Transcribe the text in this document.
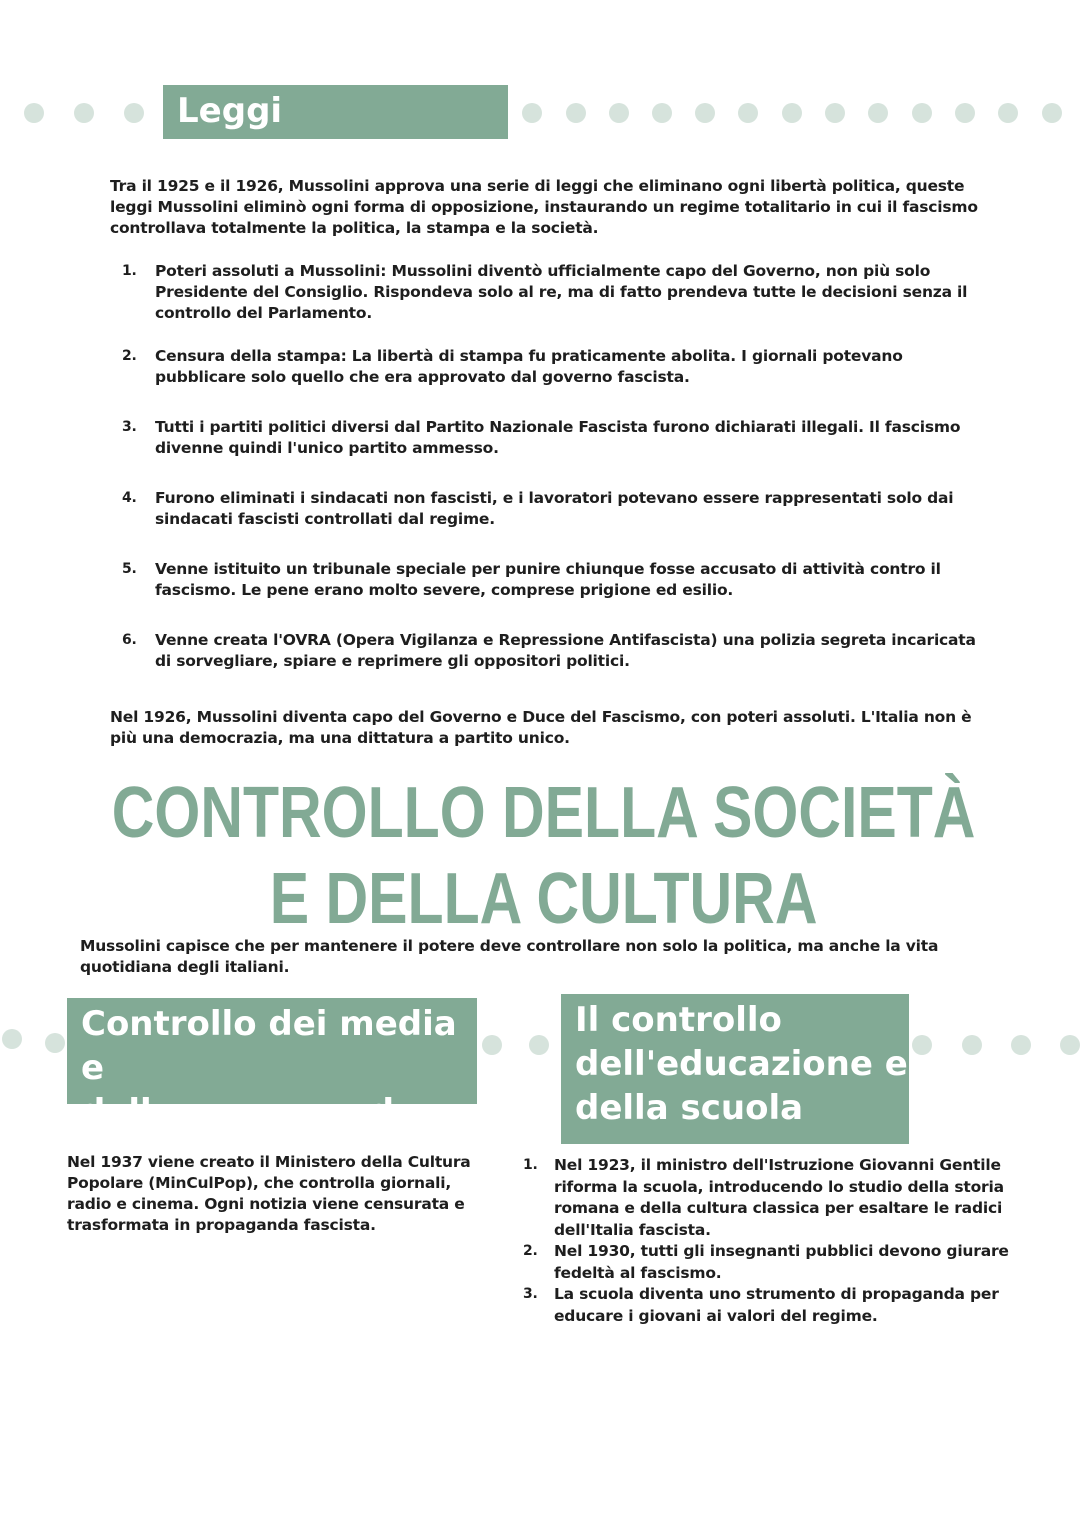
Leggi fascistissime
Tra il 1925 e il 1926, Mussolini approva una serie di leggi che eliminano ogni libertà politica, queste leggi Mussolini eliminò ogni forma di opposizione, instaurando un regime totalitario in cui il fascismo controllava totalmente la politica, la stampa e la società.
1. Poteri assoluti a Mussolini: Mussolini diventò ufficialmente capo del Governo, non più solo Presidente del Consiglio. Rispondeva solo al re, ma di fatto prendeva tutte le decisioni senza il controllo del Parlamento.
2. Censura della stampa: La libertà di stampa fu praticamente abolita. I giornali potevano pubblicare solo quello che era approvato dal governo fascista.
3. Tutti i partiti politici diversi dal Partito Nazionale Fascista furono dichiarati illegali. Il fascismo divenne quindi l'unico partito ammesso.
4. Furono eliminati i sindacati non fascisti, e i lavoratori potevano essere rappresentati solo dai sindacati fascisti controllati dal regime.
5. Venne istituito un tribunale speciale per punire chiunque fosse accusato di attività contro il fascismo. Le pene erano molto severe, comprese prigione ed esilio.
6. Venne creata l'OVRA (Opera Vigilanza e Repressione Antifascista) una polizia segreta incaricata di sorvegliare, spiare e reprimere gli oppositori politici.
Nel 1926, Mussolini diventa capo del Governo e Duce del Fascismo, con poteri assoluti. L'Italia non è più una democrazia, ma una dittatura a partito unico.
CONTROLLO DELLA SOCIETÀ
E DELLA CULTURA
Mussolini capisce che per mantenere il potere deve controllare non solo la politica, ma anche la vita quotidiana degli italiani.
Controllo dei media e
della propaganda
Il controllo
dell'educazione e
della scuola
Nel 1937 viene creato il Ministero della Cultura Popolare (MinCulPop), che controlla giornali, radio e cinema. Ogni notizia viene censurata e trasformata in propaganda fascista.
1. Nel 1923, il ministro dell'Istruzione Giovanni Gentile riforma la scuola, introducendo lo studio della storia romana e della cultura classica per esaltare le radici dell'Italia fascista.
2. Nel 1930, tutti gli insegnanti pubblici devono giurare fedeltà al fascismo.
3. La scuola diventa uno strumento di propaganda per educare i giovani ai valori del regime.
